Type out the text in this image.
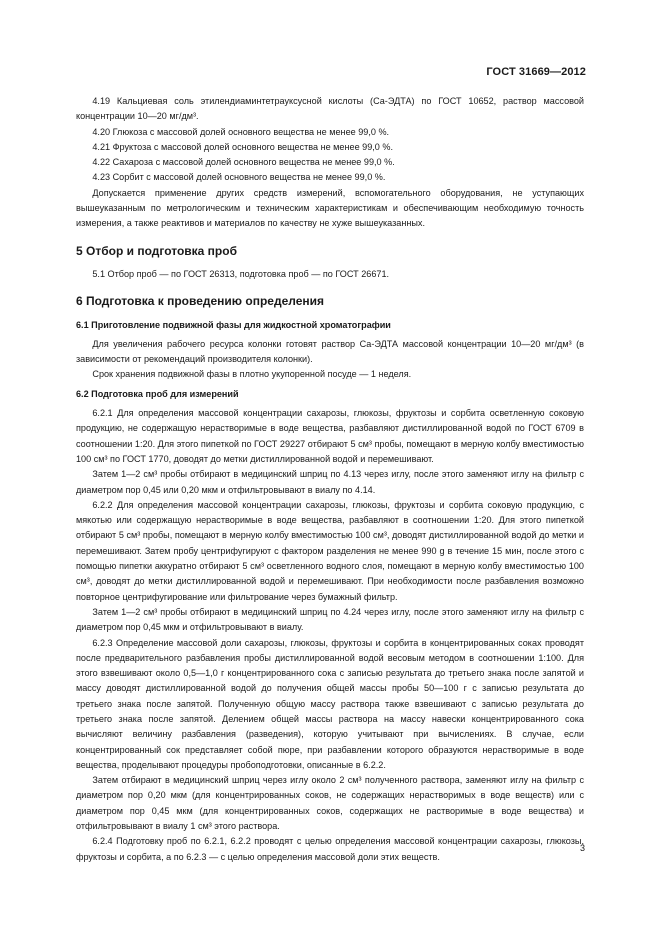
ГОСТ 31669—2012

4.19 Кальциевая соль этилендиаминтетрауксусной кислоты (Са-ЭДТА) по ГОСТ 10652, раствор массовой концентрации 10—20 мг/дм³.

4.20 Глюкоза с массовой долей основного вещества не менее 99,0 %.

4.21 Фруктоза с массовой долей основного вещества не менее 99,0 %.

4.22 Сахароза с массовой долей основного вещества не менее 99,0 %.

4.23 Сорбит с массовой долей основного вещества не менее 99,0 %.

Допускается применение других средств измерений, вспомогательного оборудования, не уступающих вышеуказанным по метрологическим и техническим характеристикам и обеспечивающим необходимую точность измерения, а также реактивов и материалов по качеству не хуже вышеуказанных.

5 Отбор и подготовка проб

5.1 Отбор проб — по ГОСТ 26313, подготовка проб — по ГОСТ 26671.

6 Подготовка к проведению определения

6.1 Приготовление подвижной фазы для жидкостной хроматографии

Для увеличения рабочего ресурса колонки готовят раствор Са-ЭДТА массовой концентрации 10—20 мг/дм³ (в зависимости от рекомендаций производителя колонки).

Срок хранения подвижной фазы в плотно укупоренной посуде — 1 неделя.

6.2 Подготовка проб для измерений

6.2.1 Для определения массовой концентрации сахарозы, глюкозы, фруктозы и сорбита осветленную соковую продукцию, не содержащую нерастворимые в воде вещества, разбавляют дистиллированной водой по ГОСТ 6709 в соотношении 1:20. Для этого пипеткой по ГОСТ 29227 отбирают 5 см³ пробы, помещают в мерную колбу вместимостью 100 см³ по ГОСТ 1770, доводят до метки дистиллированной водой и перемешивают.

Затем 1—2 см³ пробы отбирают в медицинский шприц по 4.13 через иглу, после этого заменяют иглу на фильтр с диаметром пор 0,45 или 0,20 мкм и отфильтровывают в виалу по 4.14.

6.2.2 Для определения массовой концентрации сахарозы, глюкозы, фруктозы и сорбита соковую продукцию, с мякотью или содержащую нерастворимые в воде вещества, разбавляют в соотношении 1:20. Для этого пипеткой отбирают 5 см³ пробы, помещают в мерную колбу вместимостью 100 см³, доводят дистиллированной водой до метки и перемешивают. Затем пробу центрифугируют с фактором разделения не менее 990 g в течение 15 мин, после этого с помощью пипетки аккуратно отбирают 5 см³ осветленного водного слоя, помещают в мерную колбу вместимостью 100 см³, доводят до метки дистиллированной водой и перемешивают. При необходимости после разбавления возможно повторное центрифугирование или фильтрование через бумажный фильтр.

Затем 1—2 см³ пробы отбирают в медицинский шприц по 4.24 через иглу, после этого заменяют иглу на фильтр с диаметром пор 0,45 мкм и отфильтровывают в виалу.

6.2.3 Определение массовой доли сахарозы, глюкозы, фруктозы и сорбита в концентрированных соках проводят после предварительного разбавления пробы дистиллированной водой весовым методом в соотношении 1:100. Для этого взвешивают около 0,5—1,0 г концентрированного сока с записью результата до третьего знака после запятой и массу доводят дистиллированной водой до получения общей массы пробы 50—100 г с записью результата до третьего знака после запятой. Полученную общую массу раствора также взвешивают с записью результата до третьего знака после запятой. Делением общей массы раствора на массу навески концентрированного сока вычисляют величину разбавления (разведения), которую учитывают при вычислениях. В случае, если концентрированный сок представляет собой пюре, при разбавлении которого образуются нерастворимые в воде вещества, проделывают процедуры пробоподготовки, описанные в 6.2.2.

Затем отбирают в медицинский шприц через иглу около 2 см³ полученного раствора, заменяют иглу на фильтр с диаметром пор 0,20 мкм (для концентрированных соков, не содержащих нерастворимых в воде веществ) или с диаметром пор 0,45 мкм (для концентрированных соков, содержащих не растворимые в воде вещества) и отфильтровывают в виалу 1 см³ этого раствора.

6.2.4 Подготовку проб по 6.2.1, 6.2.2 проводят с целью определения массовой концентрации сахарозы, глюкозы, фруктозы и сорбита, а по 6.2.3 — с целью определения массовой доли этих веществ.

3
